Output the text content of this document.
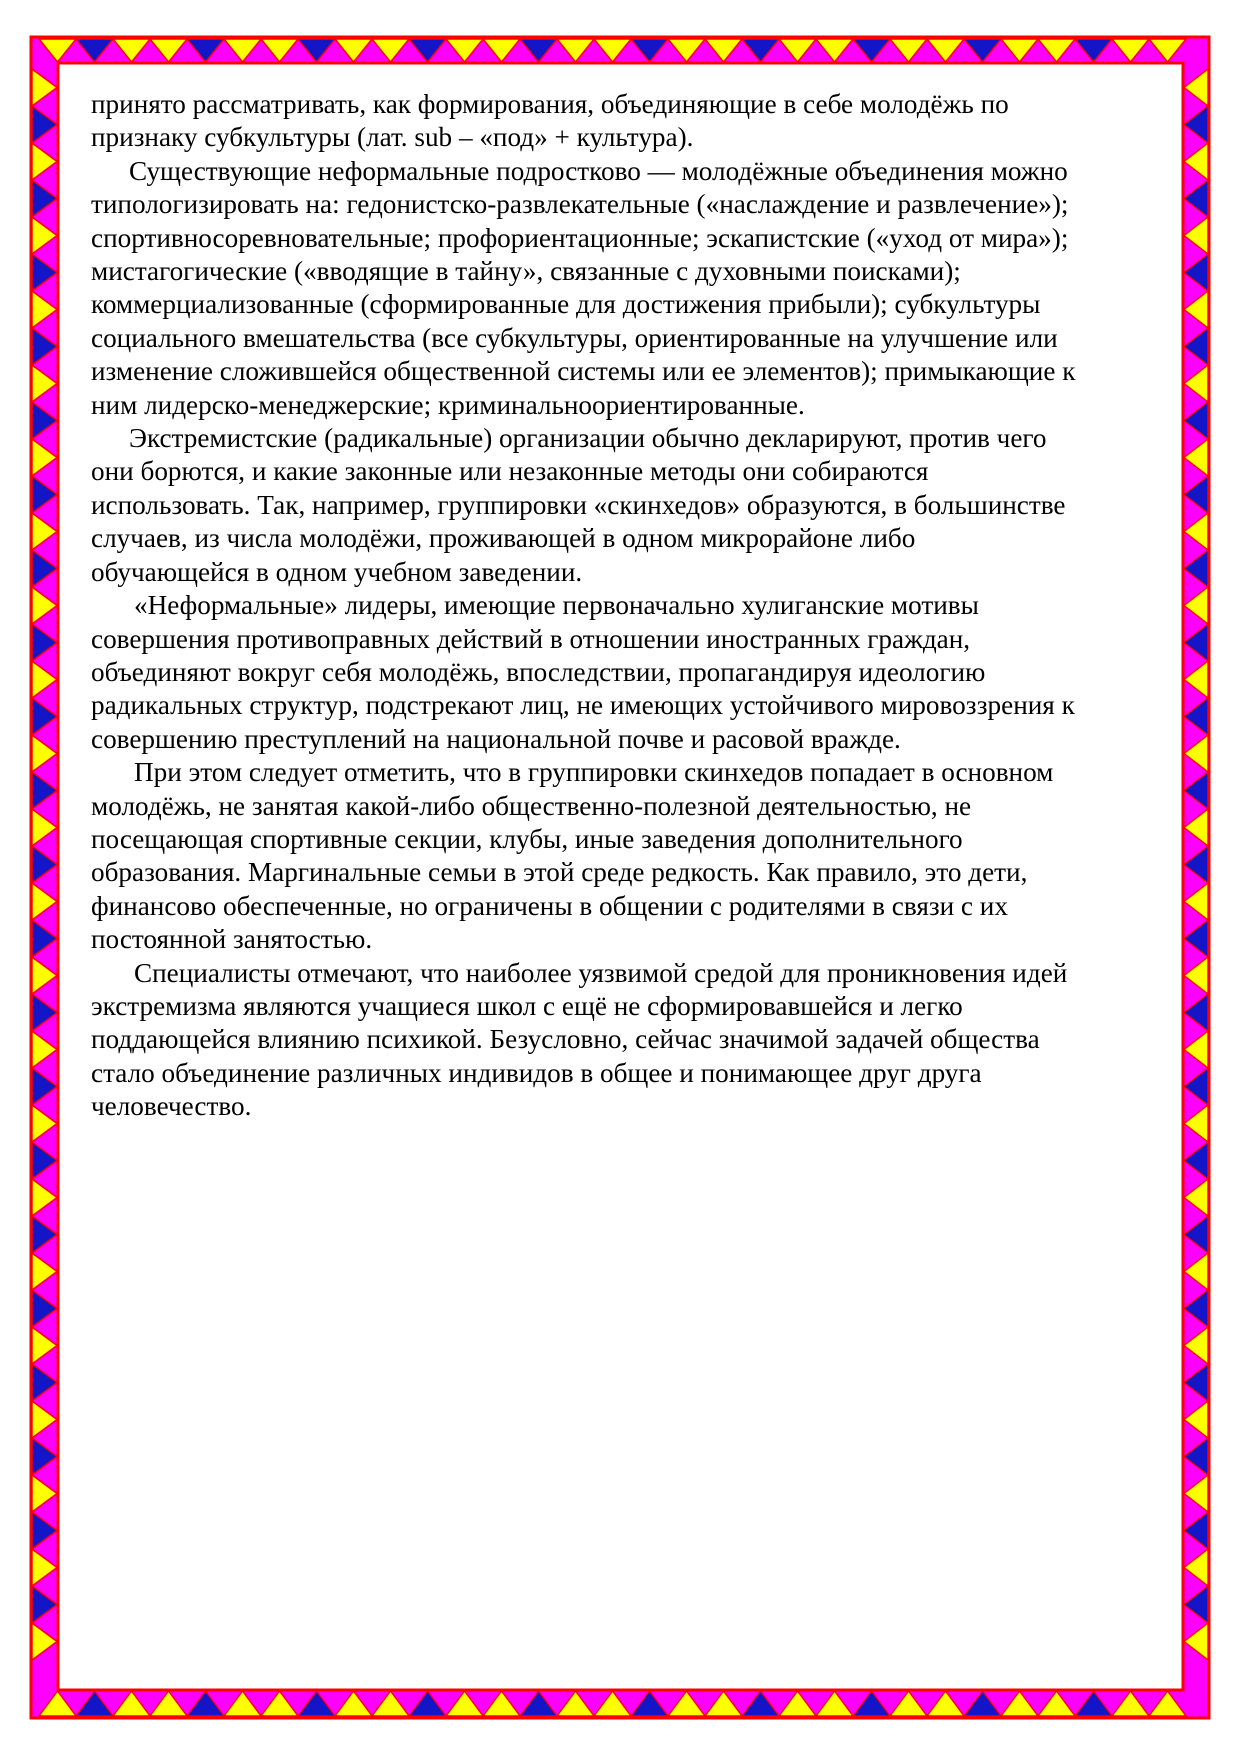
принято рассматривать, как формирования, объединяющие в себе молодёжь по
признаку субкультуры (лат. sub – «под» + культура).

Существующие неформальные подростково — молодёжные объединения можно
типологизировать на: гедонистско-развлекательные («наслаждение и развлечение»);
спортивносоревновательные; профориентационные; эскапистские («уход от мира»);
мистагогические («вводящие в тайну», связанные с духовными поисками);
коммерциализованные (сформированные для достижения прибыли); субкультуры
социального вмешательства (все субкультуры, ориентированные на улучшение или
изменение сложившейся общественной системы или ее элементов); примыкающие к
ним лидерско-менеджерские; криминальноориентированные.

Экстремистские (радикальные) организации обычно декларируют, против чего
они борются, и какие законные или незаконные методы они собираются
использовать. Так, например, группировки «скинхедов» образуются, в большинстве
случаев, из числа молодёжи, проживающей в одном микрорайоне либо
обучающейся в одном учебном заведении.

«Неформальные» лидеры, имеющие первоначально хулиганские мотивы
совершения противоправных действий в отношении иностранных граждан,
объединяют вокруг себя молодёжь, впоследствии, пропагандируя идеологию
радикальных структур, подстрекают лиц, не имеющих устойчивого мировоззрения к
совершению преступлений на национальной почве и расовой вражде.

При этом следует отметить, что в группировки скинхедов попадает в основном
молодёжь, не занятая какой-либо общественно-полезной деятельностью, не
посещающая спортивные секции, клубы, иные заведения дополнительного
образования. Маргинальные семьи в этой среде редкость. Как правило, это дети,
финансово обеспеченные, но ограничены в общении с родителями в связи с их
постоянной занятостью.

Специалисты отмечают, что наиболее уязвимой средой для проникновения идей
экстремизма являются учащиеся школ с ещё не сформировавшейся и легко
поддающейся влиянию психикой. Безусловно, сейчас значимой задачей общества
стало объединение различных индивидов в общее и понимающее друг друга
человечество.
